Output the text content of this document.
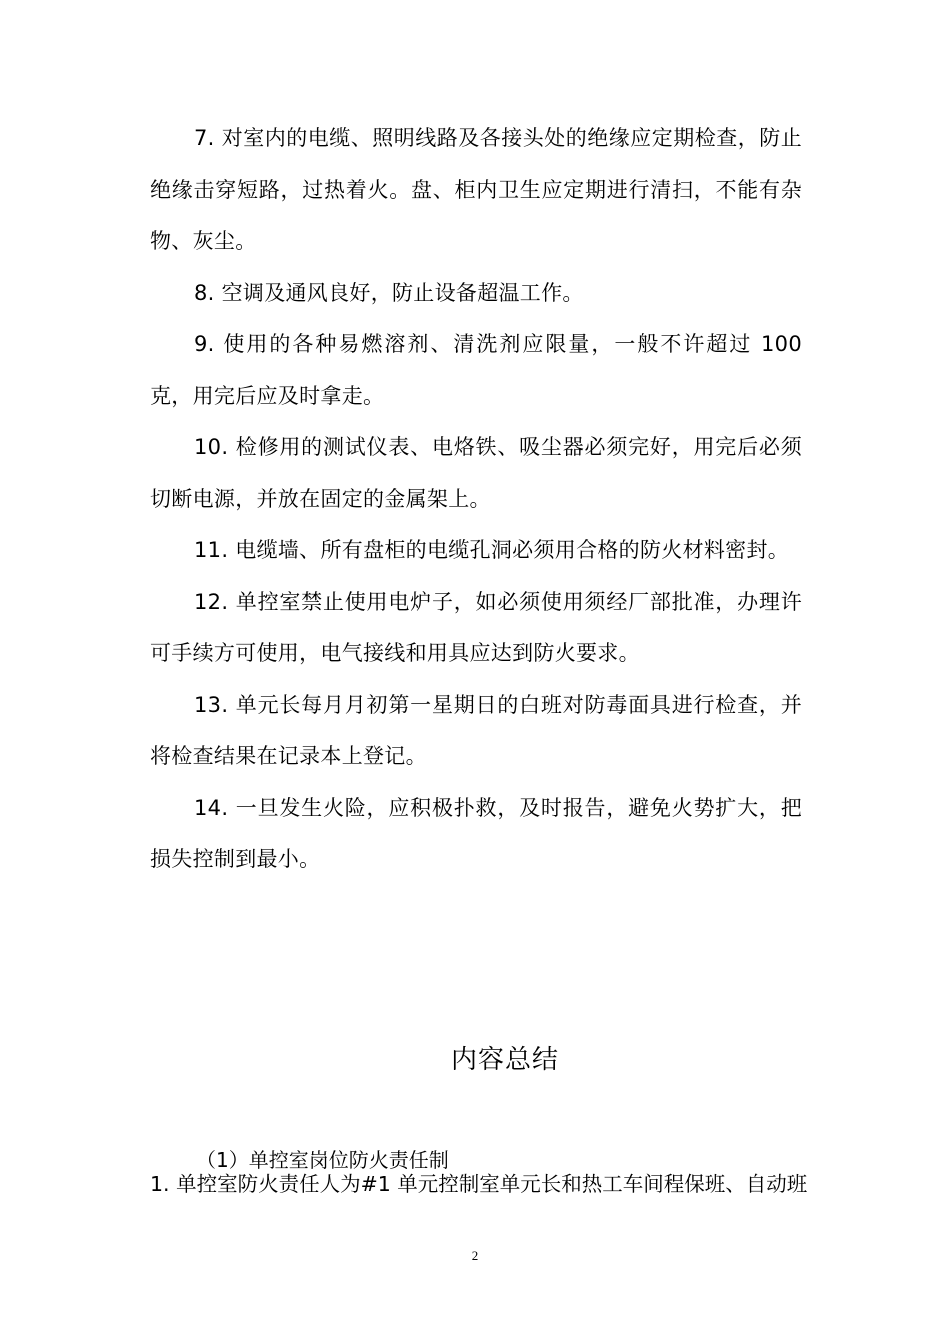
7. 对室内的电缆、照明线路及各接头处的绝缘应定期检查，防止绝缘击穿短路，过热着火。盘、柜内卫生应定期进行清扫，不能有杂物、灰尘。

8. 空调及通风良好，防止设备超温工作。

9. 使用的各种易燃溶剂、清洗剂应限量，一般不许超过 100 克，用完后应及时拿走。

10. 检修用的测试仪表、电烙铁、吸尘器必须完好，用完后必须切断电源，并放在固定的金属架上。

11. 电缆墙、所有盘柜的电缆孔洞必须用合格的防火材料密封。

12. 单控室禁止使用电炉子，如必须使用须经厂部批准，办理许可手续方可使用，电气接线和用具应达到防火要求。

13. 单元长每月月初第一星期日的白班对防毒面具进行检查，并将检查结果在记录本上登记。

14. 一旦发生火险，应积极扑救，及时报告，避免火势扩大，把损失控制到最小。

内容总结

（1）单控室岗位防火责任制

1. 单控室防火责任人为#1 单元控制室单元长和热工车间程保班、自动班

2
